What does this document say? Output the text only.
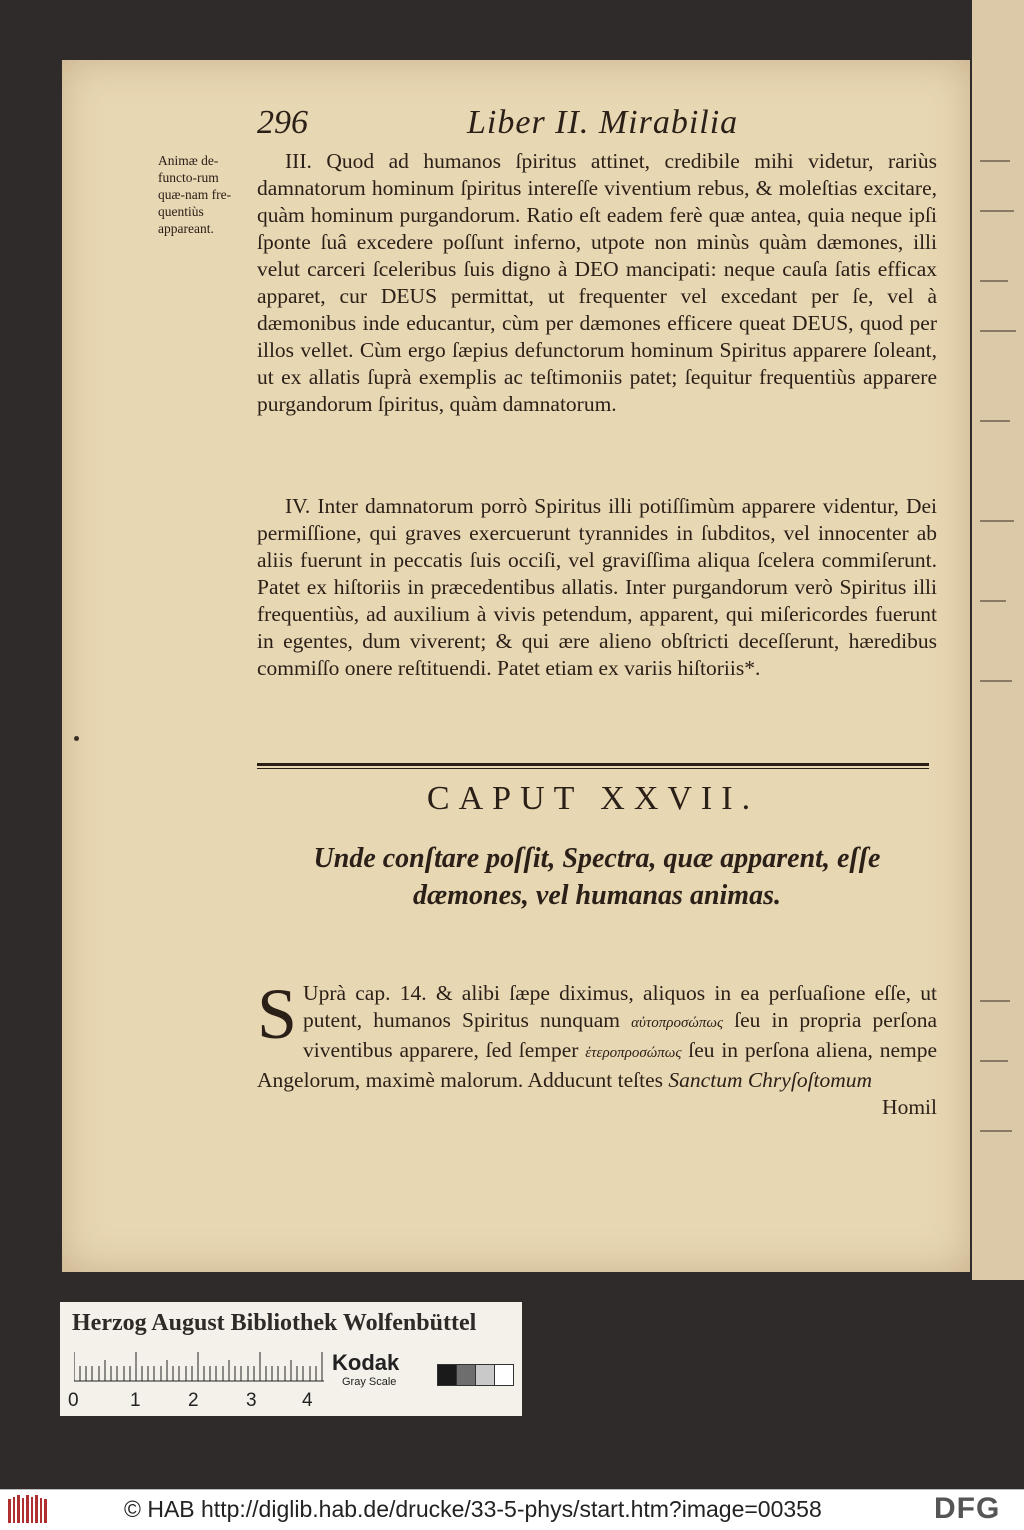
296	Liber II. Mirabilia
Animæ de-functo-rum quæ-nam fre-quentiùs appareant.
III. Quod ad humanos ſpiritus attinet, credibile mihi videtur, rariùs damnatorum hominum ſpiritus intereſſe viventium rebus, & moleſtias excitare, quàm hominum purgandorum. Ratio eſt eadem ferè quæ antea, quia neque ipſi ſponte ſuâ excedere poſſunt inferno, utpote non minùs quàm dæmones, illi velut carceri ſceleribus ſuis digno à DEO mancipati: neque cauſa ſatis efficax apparet, cur DEUS permittat, ut frequenter vel excedant per ſe, vel à dæmonibus inde educantur, cùm per dæmones efficere queat DEUS, quod per illos vellet. Cùm ergo ſæpius defunctorum hominum Spiritus apparere ſoleant, ut ex allatis ſuprà exemplis ac teſtimoniis patet; ſequitur frequentiùs apparere purgandorum ſpiritus, quàm damnatorum.
IV. Inter damnatorum porrò Spiritus illi potiſſimùm apparere videntur, Dei permiſſione, qui graves exercuerunt tyrannides in ſubditos, vel innocenter ab aliis fuerunt in peccatis ſuis occiſi, vel graviſſima aliqua ſcelera commiſerunt. Patet ex hiſtoriis in præcedentibus allatis. Inter purgandorum verò Spiritus illi frequentiùs, ad auxilium à vivis petendum, apparent, qui miſericordes fuerunt in egentes, dum viverent; & qui ære alieno obſtricti deceſſerunt, hæredibus commiſſo onere reſtituendi. Patet etiam ex variis hiſtoriis*.
CAPUT XXVII.
Unde conſtare poſſit, Spectra, quæ apparent, eſſe dæmones, vel humanas animas.
S Uprà cap. 14. & alibi ſæpe diximus, aliquos in ea perſuaſione eſſe, ut putent, humanos Spiritus nunquam αὐτοπροσώπως ſeu in propria perſona viventibus apparere, ſed ſemper ἑτεροπροσώπως ſeu in perſona aliena, nempe Angelorum, maximè malorum. Adducunt teſtes Sanctum Chryſoſtomum
Homil
Herzog August Bibliothek Wolfenbüttel
0	1 2 3 4
Kodak
Gray Scale
© HAB http://diglib.hab.de/drucke/33-5-phys/start.htm?image=00358	DFG
